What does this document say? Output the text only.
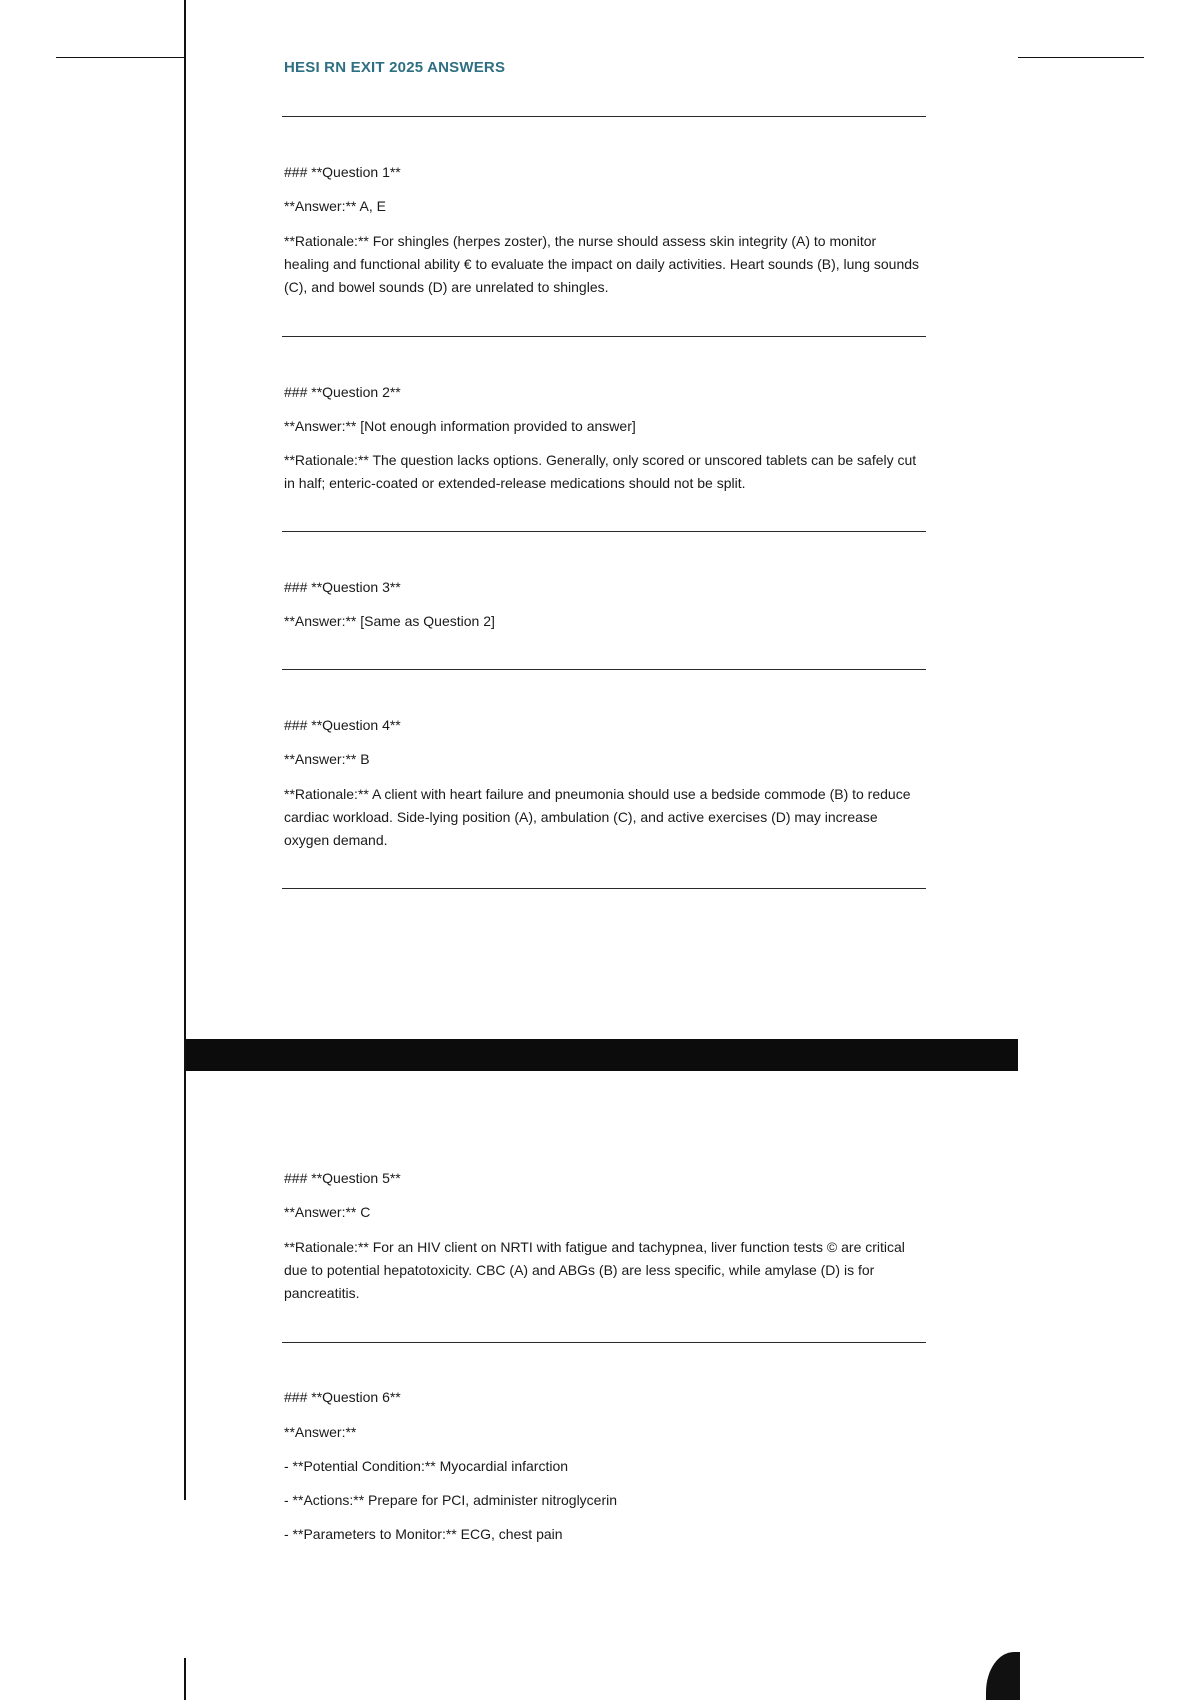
HESI RN EXIT 2025 ANSWERS
### **Question 1**
**Answer:** A, E
**Rationale:** For shingles (herpes zoster), the nurse should assess skin integrity (A) to monitor healing and functional ability € to evaluate the impact on daily activities. Heart sounds (B), lung sounds (C), and bowel sounds (D) are unrelated to shingles.
### **Question 2**
**Answer:** [Not enough information provided to answer]
**Rationale:** The question lacks options. Generally, only scored or unscored tablets can be safely cut in half; enteric-coated or extended-release medications should not be split.
### **Question 3**
**Answer:** [Same as Question 2]
### **Question 4**
**Answer:** B
**Rationale:** A client with heart failure and pneumonia should use a bedside commode (B) to reduce cardiac workload. Side-lying position (A), ambulation (C), and active exercises (D) may increase oxygen demand.
### **Question 5**
**Answer:** C
**Rationale:** For an HIV client on NRTI with fatigue and tachypnea, liver function tests © are critical due to potential hepatotoxicity. CBC (A) and ABGs (B) are less specific, while amylase (D) is for pancreatitis.
### **Question 6**
**Answer:**
- **Potential Condition:** Myocardial infarction
- **Actions:** Prepare for PCI, administer nitroglycerin
- **Parameters to Monitor:** ECG, chest pain
